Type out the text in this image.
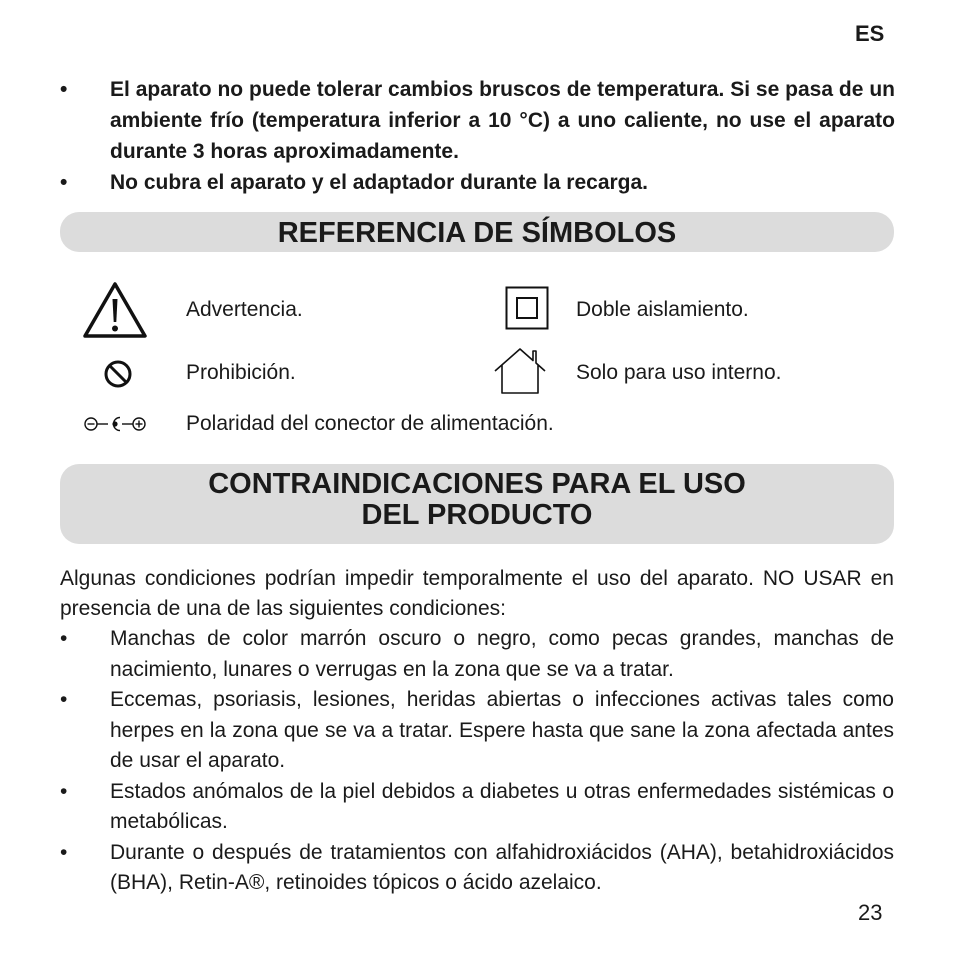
ES
• El aparato no puede tolerar cambios bruscos de temperatura. Si se pasa de un ambiente frío (temperatura inferior a 10 °C) a uno caliente, no use el aparato durante 3 horas aproximadamente.
• No cubra el aparato y el adaptador durante la recarga.
REFERENCIA DE SÍMBOLOS
Advertencia.	Doble aislamiento.
Prohibición.	Solo para uso interno.
Polaridad del conector de alimentación.
CONTRAINDICACIONES PARA EL USO
DEL PRODUCTO
Algunas condiciones podrían impedir temporalmente el uso del aparato. NO USAR en presencia de una de las siguientes condiciones:
• Manchas de color marrón oscuro o negro, como pecas grandes, manchas de nacimiento, lunares o verrugas en la zona que se va a tratar.
• Eccemas, psoriasis, lesiones, heridas abiertas o infecciones activas tales como herpes en la zona que se va a tratar. Espere hasta que sane la zona afectada antes de usar el aparato.
• Estados anómalos de la piel debidos a diabetes u otras enfermedades sistémicas o metabólicas.
• Durante o después de tratamientos con alfahidroxiácidos (AHA), betahidroxiácidos (BHA), Retin-A®, retinoides tópicos o ácido azelaico.
23
